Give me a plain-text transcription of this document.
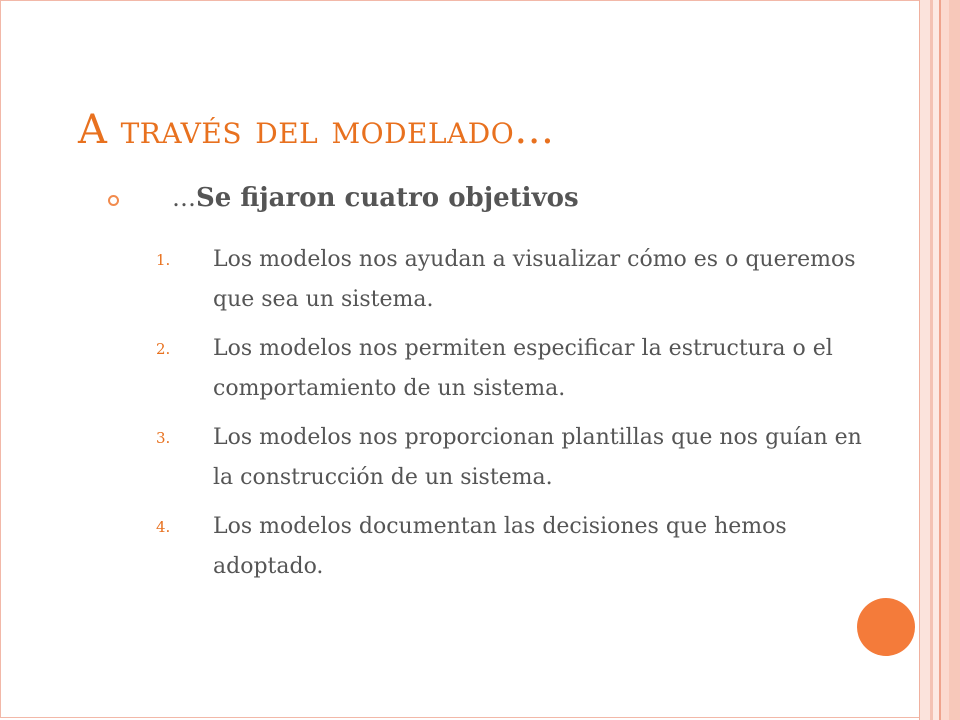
A través del modelado…
…Se fijaron cuatro objetivos
1. Los modelos nos ayudan a visualizar cómo es o queremos que sea un sistema.
2. Los modelos nos permiten especificar la estructura o el comportamiento de un sistema.
3. Los modelos nos proporcionan plantillas que nos guían en la construcción de un sistema.
4. Los modelos documentan las decisiones que hemos adoptado.
